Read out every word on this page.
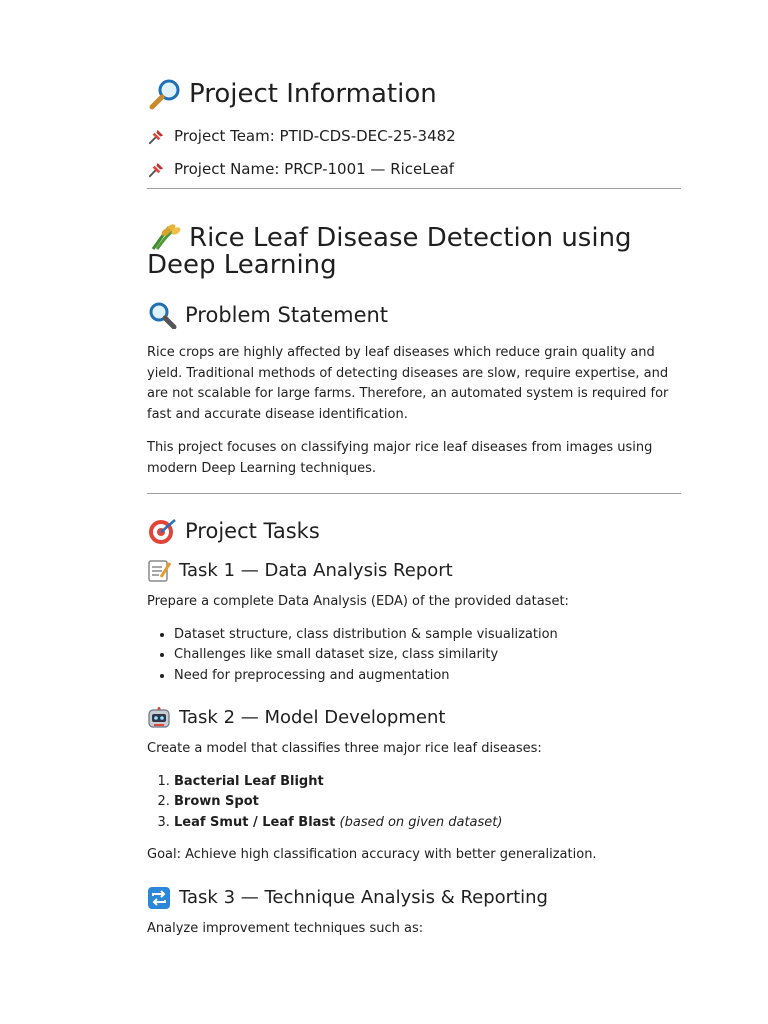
Project Information

Project Team: PTID-CDS-DEC-25-3482

Project Name: PRCP-1001 — RiceLeaf

Rice Leaf Disease Detection using Deep Learning
Problem Statement

Rice crops are highly affected by leaf diseases which reduce grain quality and yield. Traditional methods of detecting diseases are slow, require expertise, and are not scalable for large farms. Therefore, an automated system is required for fast and accurate disease identification.

This project focuses on classifying major rice leaf diseases from images using modern Deep Learning techniques.

Project Tasks
Task 1 — Data Analysis Report

Prepare a complete Data Analysis (EDA) of the provided dataset:

• Dataset structure, class distribution & sample visualization
• Challenges like small dataset size, class similarity
• Need for preprocessing and augmentation
Task 2 — Model Development

Create a model that classifies three major rice leaf diseases:

1. Bacterial Leaf Blight
2. Brown Spot
3. Leaf Smut / Leaf Blast (based on given dataset)

Goal: Achieve high classification accuracy with better generalization.

Task 3 — Technique Analysis & Reporting

Analyze improvement techniques such as:
